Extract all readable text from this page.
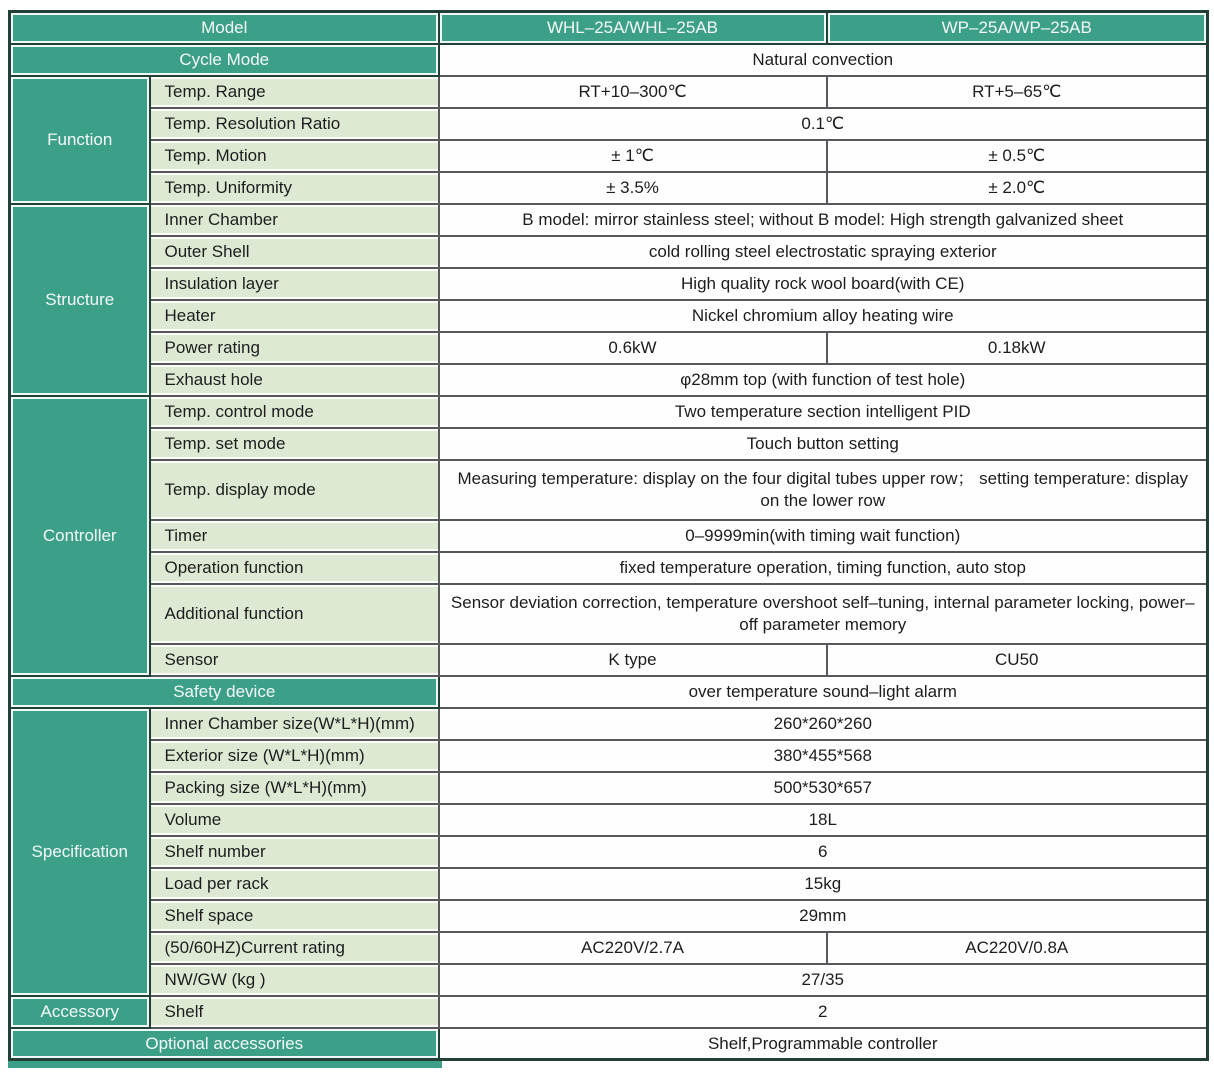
Model		WHL–25A/WHL–25AB	WP–25A/WP–25AB
Cycle Mode		Natural convection	
Function	Temp. Range	RT+10–300℃	RT+5–65℃
	Temp. Resolution Ratio	0.1℃	
	Temp. Motion	± 1℃	± 0.5℃
	Temp. Uniformity	± 3.5%	± 2.0℃
Structure	Inner Chamber	B model: mirror stainless steel; without B model: High strength galvanized sheet	
	Outer Shell	cold rolling steel electrostatic spraying exterior	
	Insulation layer	High quality rock wool board(with CE)	
	Heater	Nickel chromium alloy heating wire	
	Power rating	0.6kW	0.18kW
	Exhaust hole	φ28mm top (with function of test hole)	
Controller	Temp. control mode	Two temperature section intelligent PID	
	Temp. set mode	Touch button setting	
	Temp. display mode	Measuring temperature: display on the four digital tubes upper row； setting temperature: display on the lower row	
	Timer	0–9999min(with timing wait function)	
	Operation function	fixed temperature operation, timing function, auto stop	
	Additional function	Sensor deviation correction, temperature overshoot self–tuning, internal parameter locking, power–off parameter memory	
	Sensor	K type	CU50
Safety device		over temperature sound–light alarm	
Specification	Inner Chamber size(W*L*H)(mm)	260*260*260	
	Exterior size (W*L*H)(mm)	380*455*568	
	Packing size (W*L*H)(mm)	500*530*657	
	Volume	18L	
	Shelf number	6	
	Load per rack	15kg	
	Shelf space	29mm	
	(50/60HZ)Current rating	AC220V/2.7A	AC220V/0.8A
	NW/GW (kg )	27/35	
Accessory	Shelf	2	
Optional accessories		Shelf,Programmable controller	
